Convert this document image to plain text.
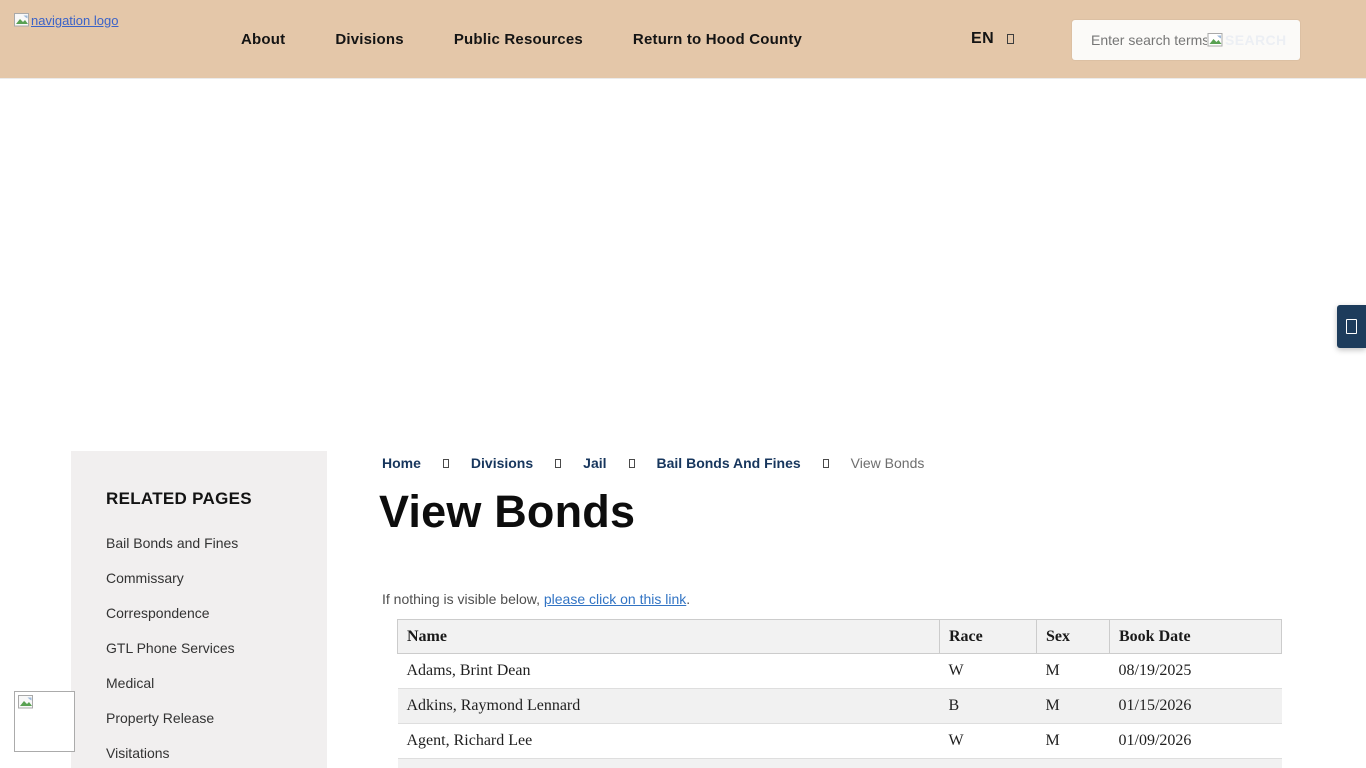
navigation logo
About	Divisions	Public Resources	Return to Hood County	EN
Enter search terms	SEARCH
RELATED PAGES
Bail Bonds and Fines
Commissary
Correspondence
GTL Phone Services
Medical
Property Release
Visitations
Home	Divisions	Jail	Bail Bonds And Fines	View Bonds
View Bonds

If nothing is visible below, please click on this link.

Name	Race	Sex	Book Date
Adams, Brint Dean	W	M	08/19/2025
Adkins, Raymond Lennard	B	M	01/15/2026
Agent, Richard Lee	W	M	01/09/2026
